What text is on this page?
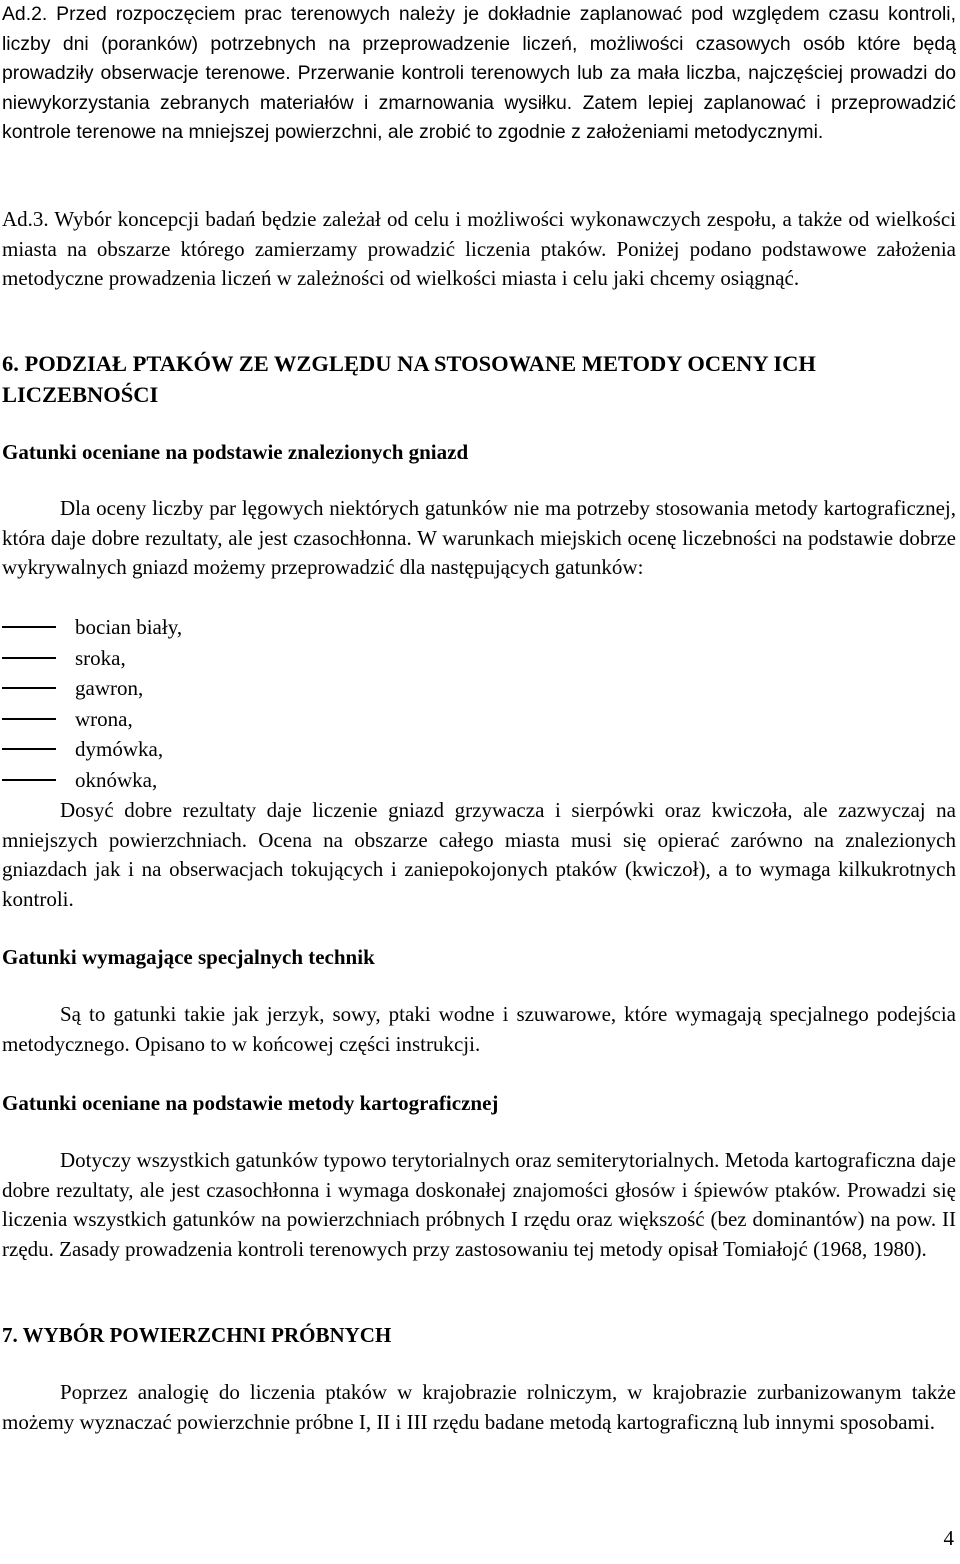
Ad.2. Przed rozpoczęciem prac terenowych należy je dokładnie zaplanować pod względem czasu kontroli, liczby dni (poranków) potrzebnych na przeprowadzenie liczeń, możliwości czasowych osób które będą prowadziły obserwacje terenowe. Przerwanie kontroli terenowych lub za mała liczba, najczęściej prowadzi do niewykorzystania zebranych materiałów i zmarnowania wysiłku. Zatem lepiej zaplanować i przeprowadzić kontrole terenowe na mniejszej powierzchni, ale zrobić to zgodnie z założeniami metodycznymi.

Ad.3. Wybór koncepcji badań będzie zależał od celu i możliwości wykonawczych zespołu, a także od wielkości miasta na obszarze którego zamierzamy prowadzić liczenia ptaków. Poniżej podano podstawowe założenia metodyczne prowadzenia liczeń w zależności od wielkości miasta i celu jaki chcemy osiągnąć.

6. PODZIAŁ PTAKÓW ZE WZGLĘDU NA STOSOWANE METODY OCENY ICH LICZEBNOŚCI
Gatunki oceniane na podstawie znalezionych gniazd

Dla oceny liczby par lęgowych niektórych gatunków nie ma potrzeby stosowania metody kartograficznej, która daje dobre rezultaty, ale jest czasochłonna. W warunkach miejskich ocenę liczebności na podstawie dobrze wykrywalnych gniazd możemy przeprowadzić dla następujących gatunków:

bocian biały,
sroka,
gawron,
wrona,
dymówka,
oknówka,

Dosyć dobre rezultaty daje liczenie gniazd grzywacza i sierpówki oraz kwiczoła, ale zazwyczaj na mniejszych powierzchniach. Ocena na obszarze całego miasta musi się opierać zarówno na znalezionych gniazdach jak i na obserwacjach tokujących i zaniepokojonych ptaków (kwiczoł), a to wymaga kilkukrotnych kontroli.

Gatunki wymagające specjalnych technik

Są to gatunki takie jak jerzyk, sowy, ptaki wodne i szuwarowe, które wymagają specjalnego podejścia metodycznego. Opisano to w końcowej części instrukcji.

Gatunki oceniane na podstawie metody kartograficznej

Dotyczy wszystkich gatunków typowo terytorialnych oraz semiterytorialnych. Metoda kartograficzna daje dobre rezultaty, ale jest czasochłonna i wymaga doskonałej znajomości głosów i śpiewów ptaków. Prowadzi się liczenia wszystkich gatunków na powierzchniach próbnych I rzędu oraz większość (bez dominantów) na pow. II rzędu. Zasady prowadzenia kontroli terenowych przy zastosowaniu tej metody opisał Tomiałojć (1968, 1980).

7. WYBÓR POWIERZCHNI PRÓBNYCH

Poprzez analogię do liczenia ptaków w krajobrazie rolniczym, w krajobrazie zurbanizowanym także możemy wyznaczać powierzchnie próbne I, II i III rzędu badane metodą kartograficzną lub innymi sposobami.

4
